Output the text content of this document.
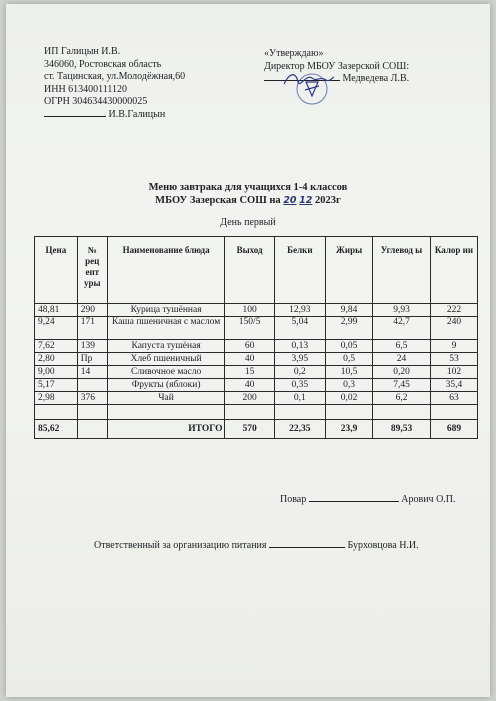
ИП Галицын И.В.
346060, Ростовская область
ст. Тацинская, ул.Молодёжная,60
ИНН 613400111120
ОГРН 304634430000025
И.В.Галицын
«Утверждаю»
Директор МБОУ Зазерской СОШ:
Медведева Л.В.
Меню завтрака для учащихся 1-4 классов
МБОУ Зазерская СОШ на 20 12 2023г
День первый
Цена	№ рец епт уры	Наименование блюда	Выход	Белки	Жиры	Углевод ы	Калор ии
48,81	290	Курица тушённая	100	12,93	9,84	9,93	222
9,24	171	Каша пшеничная с маслом	150/5	5,04	2,99	42,7	240
7,62	139	Капуста тушёная	60	0,13	0,05	6,5	9
2,80	Пр	Хлеб пшеничный	40	3,95	0,5	24	53
9,00	14	Сливочное масло	15	0,2	10,5	0,20	102
5,17		Фрукты (яблоки)	40	0,35	0,3	7,45	35,4
2,98	376	Чай	200	0,1	0,02	6,2	63

85,62		ИТОГО	570	22,35	23,9	89,53	689
Повар	Арович О.П.
Ответственный за организацию питания	Бурховцова Н.И.
